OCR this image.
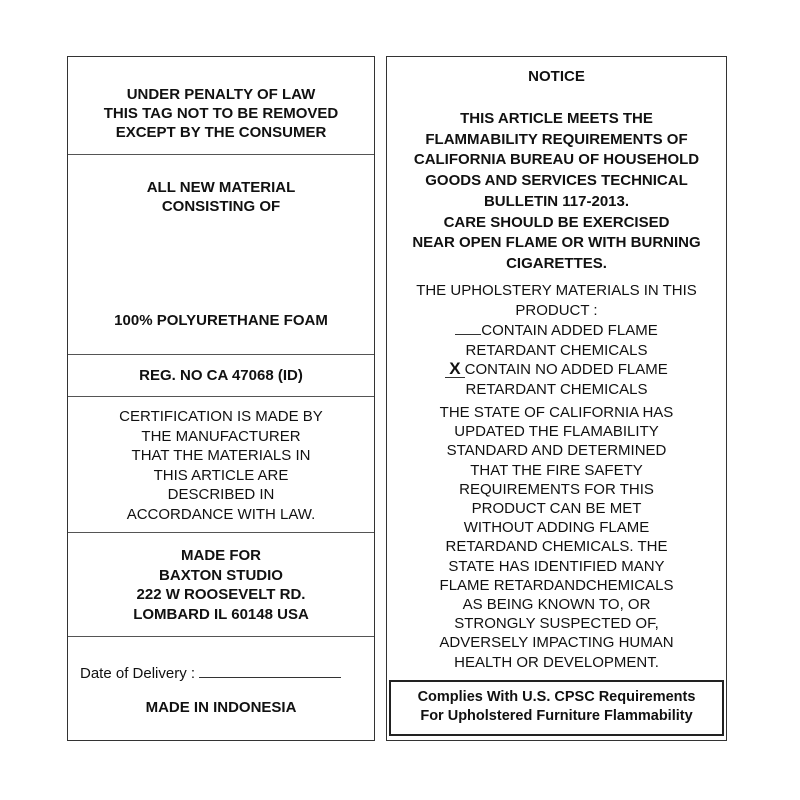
UNDER PENALTY OF LAW
THIS TAG NOT TO BE REMOVED
EXCEPT BY THE CONSUMER
ALL NEW MATERIAL
CONSISTING OF
100% POLYURETHANE FOAM
REG. NO CA 47068 (ID)
CERTIFICATION IS MADE BY
THE MANUFACTURER
THAT THE MATERIALS IN
THIS ARTICLE ARE
DESCRIBED IN
ACCORDANCE WITH LAW.
MADE FOR
BAXTON STUDIO
222 W ROOSEVELT RD.
LOMBARD IL 60148 USA
Date of Delivery :
MADE IN INDONESIA
NOTICE
THIS ARTICLE MEETS THE
FLAMMABILITY REQUIREMENTS OF
CALIFORNIA BUREAU OF HOUSEHOLD
GOODS AND SERVICES TECHNICAL
BULLETIN 117-2013.
CARE SHOULD BE EXERCISED
NEAR OPEN FLAME OR WITH BURNING
CIGARETTES.
THE UPHOLSTERY MATERIALS IN THIS
PRODUCT :
CONTAIN ADDED FLAME
RETARDANT CHEMICALS
X CONTAIN NO ADDED FLAME
RETARDANT CHEMICALS
THE STATE OF CALIFORNIA HAS
UPDATED THE FLAMABILITY
STANDARD AND DETERMINED
THAT THE FIRE SAFETY
REQUIREMENTS FOR THIS
PRODUCT CAN BE MET
WITHOUT ADDING FLAME
RETARDAND CHEMICALS. THE
STATE HAS IDENTIFIED MANY
FLAME RETARDANDCHEMICALS
AS BEING KNOWN TO, OR
STRONGLY SUSPECTED OF,
ADVERSELY IMPACTING HUMAN
HEALTH OR DEVELOPMENT.
Complies With U.S. CPSC Requirements
For Upholstered Furniture Flammability
